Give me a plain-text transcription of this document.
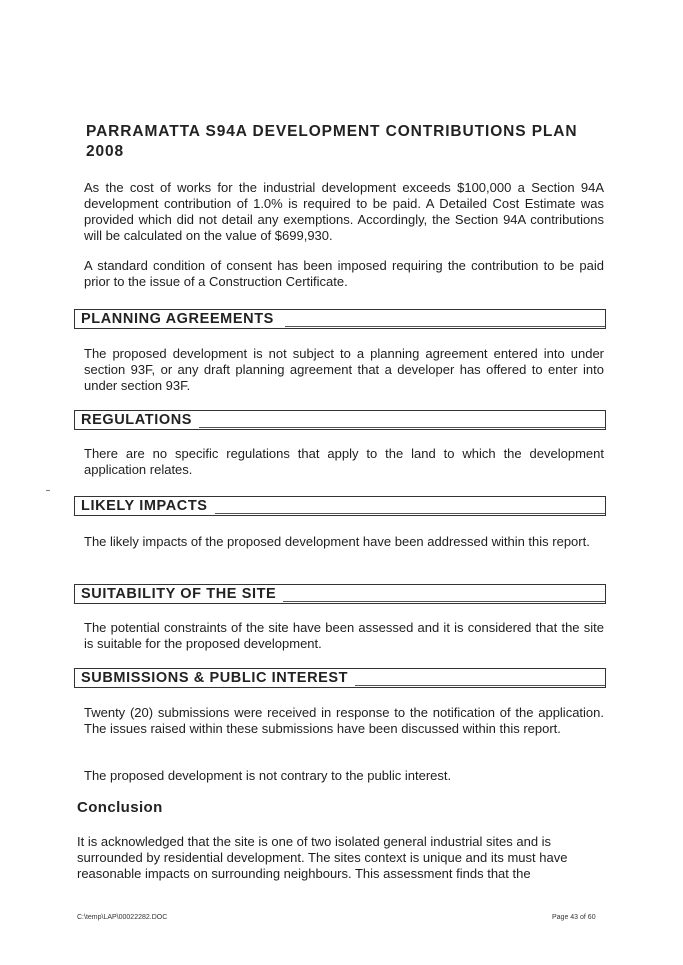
PARRAMATTA S94A DEVELOPMENT CONTRIBUTIONS PLAN 2008

As the cost of works for the industrial development exceeds $100,000 a Section 94A development contribution of 1.0% is required to be paid. A Detailed Cost Estimate was provided which did not detail any exemptions. Accordingly, the Section 94A contributions will be calculated on the value of $699,930.

A standard condition of consent has been imposed requiring the contribution to be paid prior to the issue of a Construction Certificate.

PLANNING AGREEMENTS

The proposed development is not subject to a planning agreement entered into under section 93F, or any draft planning agreement that a developer has offered to enter into under section 93F.

REGULATIONS

There are no specific regulations that apply to the land to which the development application relates.

LIKELY IMPACTS

The likely impacts of the proposed development have been addressed within this report.

SUITABILITY OF THE SITE

The potential constraints of the site have been assessed and it is considered that the site is suitable for the proposed development.

SUBMISSIONS & PUBLIC INTEREST

Twenty (20) submissions were received in response to the notification of the application. The issues raised within these submissions have been discussed within this report.

The proposed development is not contrary to the public interest.

Conclusion

It is acknowledged that the site is one of two isolated general industrial sites and is surrounded by residential development. The sites context is unique and its must have reasonable impacts on surrounding neighbours. This assessment finds that the

C:\temp\LAP\00022282.DOC	Page 43 of 60
